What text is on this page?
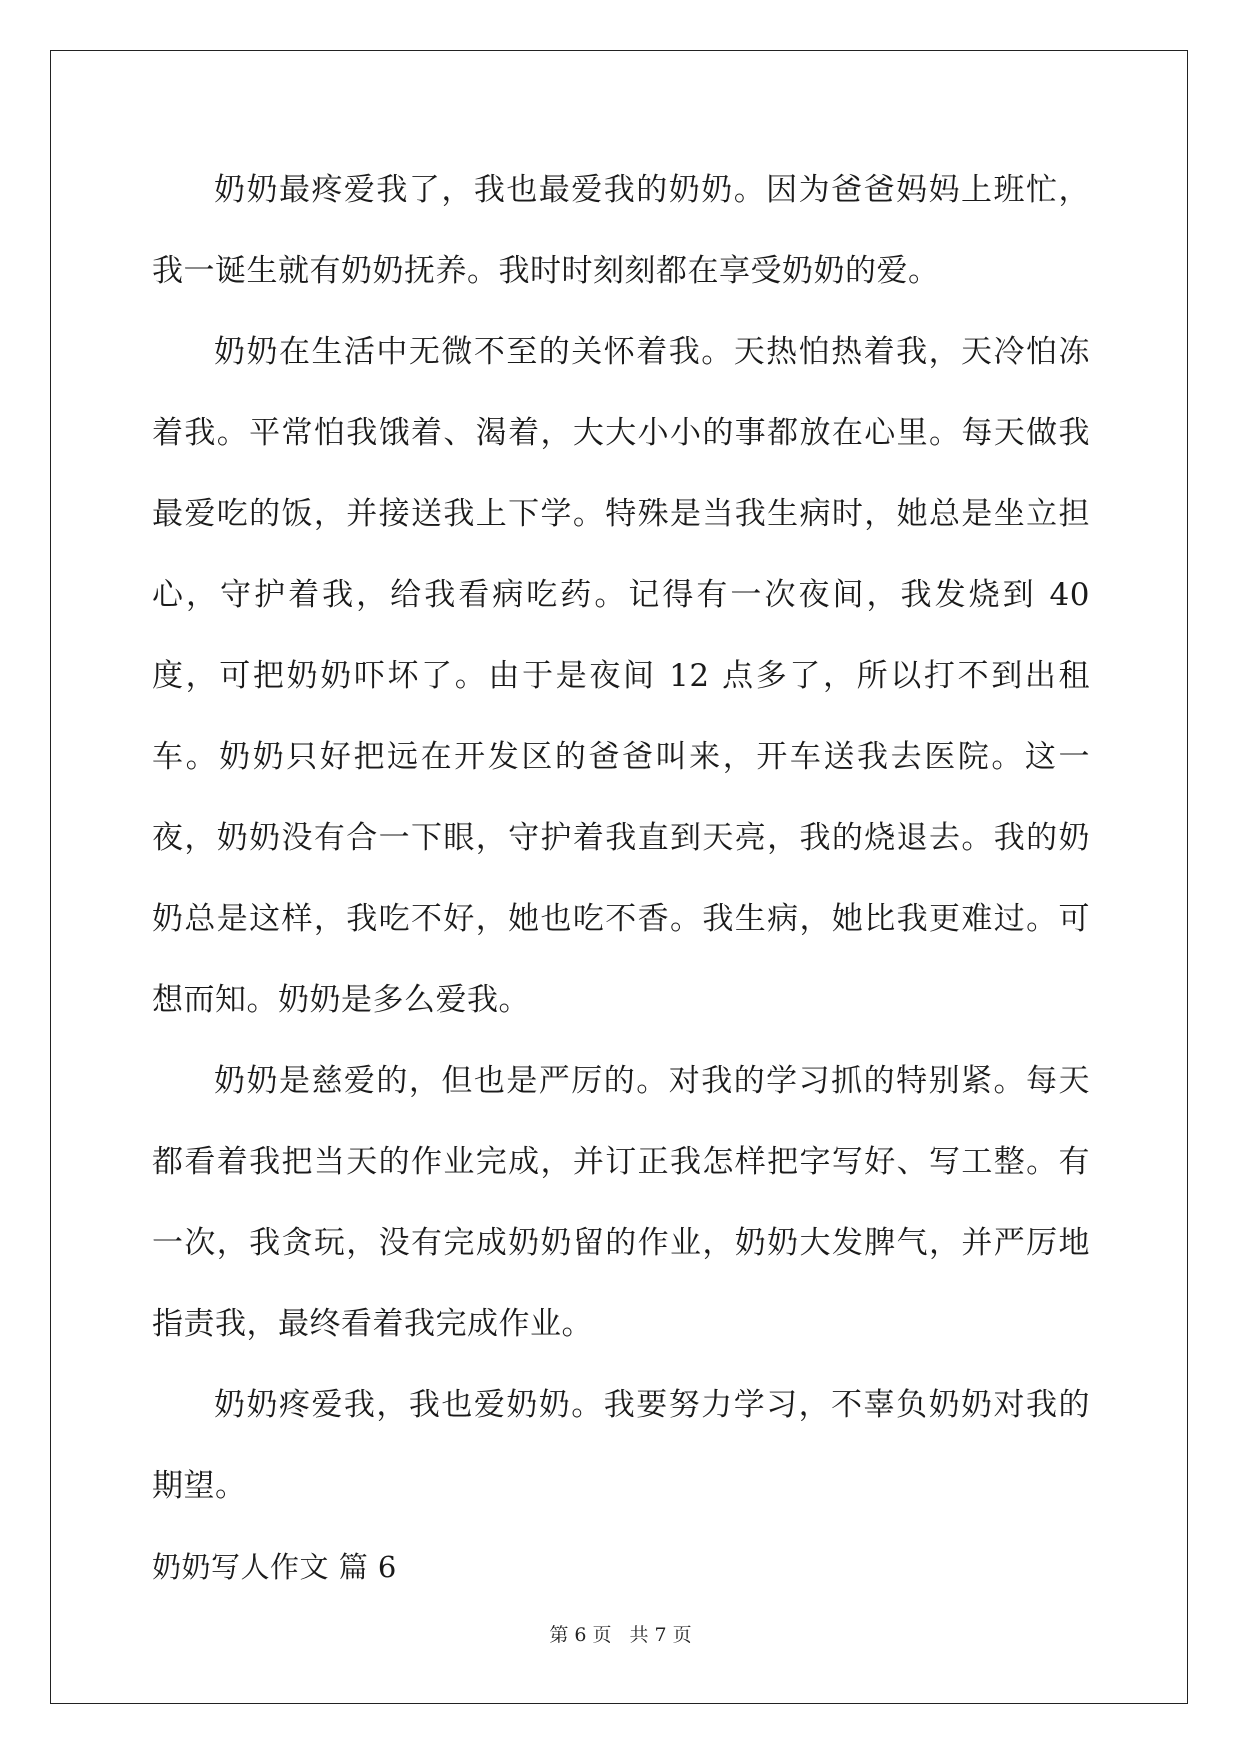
奶奶最疼爱我了，我也最爱我的奶奶。因为爸爸妈妈上班忙，我一诞生就有奶奶抚养。我时时刻刻都在享受奶奶的爱。

奶奶在生活中无微不至的关怀着我。天热怕热着我，天冷怕冻着我。平常怕我饿着、渴着，大大小小的事都放在心里。每天做我最爱吃的饭，并接送我上下学。特殊是当我生病时，她总是坐立担心，守护着我，给我看病吃药。记得有一次夜间，我发烧到 40 度，可把奶奶吓坏了。由于是夜间 12 点多了，所以打不到出租车。奶奶只好把远在开发区的爸爸叫来，开车送我去医院。这一夜，奶奶没有合一下眼，守护着我直到天亮，我的烧退去。我的奶奶总是这样，我吃不好，她也吃不香。我生病，她比我更难过。可想而知。奶奶是多么爱我。

奶奶是慈爱的，但也是严厉的。对我的学习抓的特别紧。每天都看着我把当天的作业完成，并订正我怎样把字写好、写工整。有一次，我贪玩，没有完成奶奶留的作业，奶奶大发脾气，并严厉地指责我，最终看着我完成作业。

奶奶疼爱我，我也爱奶奶。我要努力学习，不辜负奶奶对我的期望。

奶奶写人作文 篇 6

第 6 页 共 7 页
